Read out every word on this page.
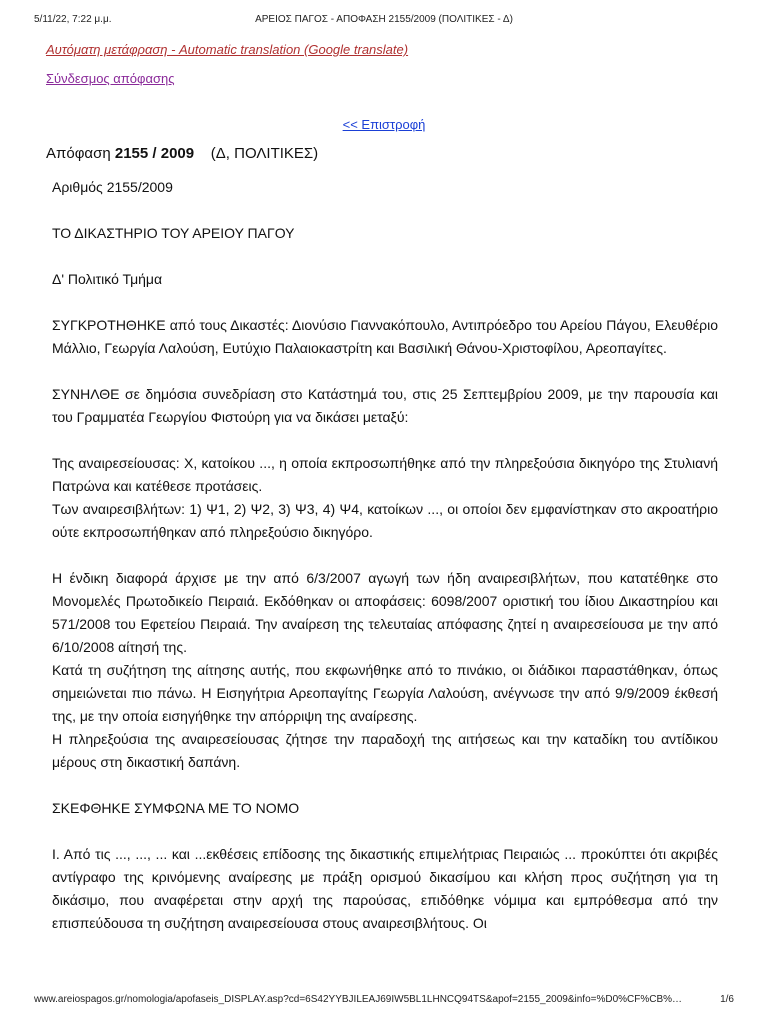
5/11/22, 7:22 μ.μ.	ΑΡΕΙΟΣ ΠΑΓΟΣ - ΑΠΟΦΑΣΗ 2155/2009 (ΠΟΛΙΤΙΚΕΣ - Δ)
Αυτόματη μετάφραση - Automatic translation (Google translate)
Σύνδεσμος απόφασης
<< Επιστροφή
Απόφαση 2155 / 2009 (Δ, ΠΟΛΙΤΙΚΕΣ)

Αριθμός 2155/2009

ΤΟ ΔΙΚΑΣΤΗΡΙΟ ΤΟΥ ΑΡΕΙΟΥ ΠΑΓΟΥ

Δ' Πολιτικό Τμήμα

ΣΥΓΚΡΟΤΗΘΗΚΕ από τους Δικαστές: Διονύσιο Γιαννακόπουλο, Αντιπρόεδρο του Αρείου Πάγου, Ελευθέριο Μάλλιο, Γεωργία Λαλούση, Ευτύχιο Παλαιοκαστρίτη και Βασιλική Θάνου-Χριστοφίλου, Αρεοπαγίτες.

ΣΥΝΗΛΘΕ σε δημόσια συνεδρίαση στο Κατάστημά του, στις 25 Σεπτεμβρίου 2009, με την παρουσία και του Γραμματέα Γεωργίου Φιστούρη για να δικάσει μεταξύ:

Της αναιρεσείουσας: Χ, κατοίκου ..., η οποία εκπροσωπήθηκε από την πληρεξούσια δικηγόρο της Στυλιανή Πατρώνα και κατέθεσε προτάσεις.

Των αναιρεσιβλήτων: 1) Ψ1, 2) Ψ2, 3) Ψ3, 4) Ψ4, κατοίκων ..., οι οποίοι δεν εμφανίστηκαν στο ακροατήριο ούτε εκπροσωπήθηκαν από πληρεξούσιο δικηγόρο.

Η ένδικη διαφορά άρχισε με την από 6/3/2007 αγωγή των ήδη αναιρεσιβλήτων, που κατατέθηκε στο Μονομελές Πρωτοδικείο Πειραιά. Εκδόθηκαν οι αποφάσεις: 6098/2007 οριστική του ίδιου Δικαστηρίου και 571/2008 του Εφετείου Πειραιά. Την αναίρεση της τελευταίας απόφασης ζητεί η αναιρεσείουσα με την από 6/10/2008 αίτησή της.

Κατά τη συζήτηση της αίτησης αυτής, που εκφωνήθηκε από το πινάκιο, οι διάδικοι παραστάθηκαν, όπως σημειώνεται πιο πάνω. Η Εισηγήτρια Αρεοπαγίτης Γεωργία Λαλούση, ανέγνωσε την από 9/9/2009 έκθεσή της, με την οποία εισηγήθηκε την απόρριψη της αναίρεσης.

Η πληρεξούσια της αναιρεσείουσας ζήτησε την παραδοχή της αιτήσεως και την καταδίκη του αντίδικου μέρους στη δικαστική δαπάνη.

ΣΚΕΦΘΗΚΕ ΣΥΜΦΩΝΑ ΜΕ ΤΟ ΝΟΜΟ

Ι. Από τις ..., ..., ... και ...εκθέσεις επίδοσης της δικαστικής επιμελήτριας Πειραιώς ... προκύπτει ότι ακριβές αντίγραφο της κρινόμενης αναίρεσης με πράξη ορισμού δικασίμου και κλήση προς συζήτηση για τη δικάσιμο, που αναφέρεται στην αρχή της παρούσας, επιδόθηκε νόμιμα και εμπρόθεσμα από την επισπεύδουσα τη συζήτηση αναιρεσείουσα στους αναιρεσιβλήτους. Οι

www.areiospagos.gr/nomologia/apofaseis_DISPLAY.asp?cd=6S42YYBJILEAJ69IW5BL1LHNCQ94TS&apof=2155_2009&info=%D0%CF%CB%…	1/6
